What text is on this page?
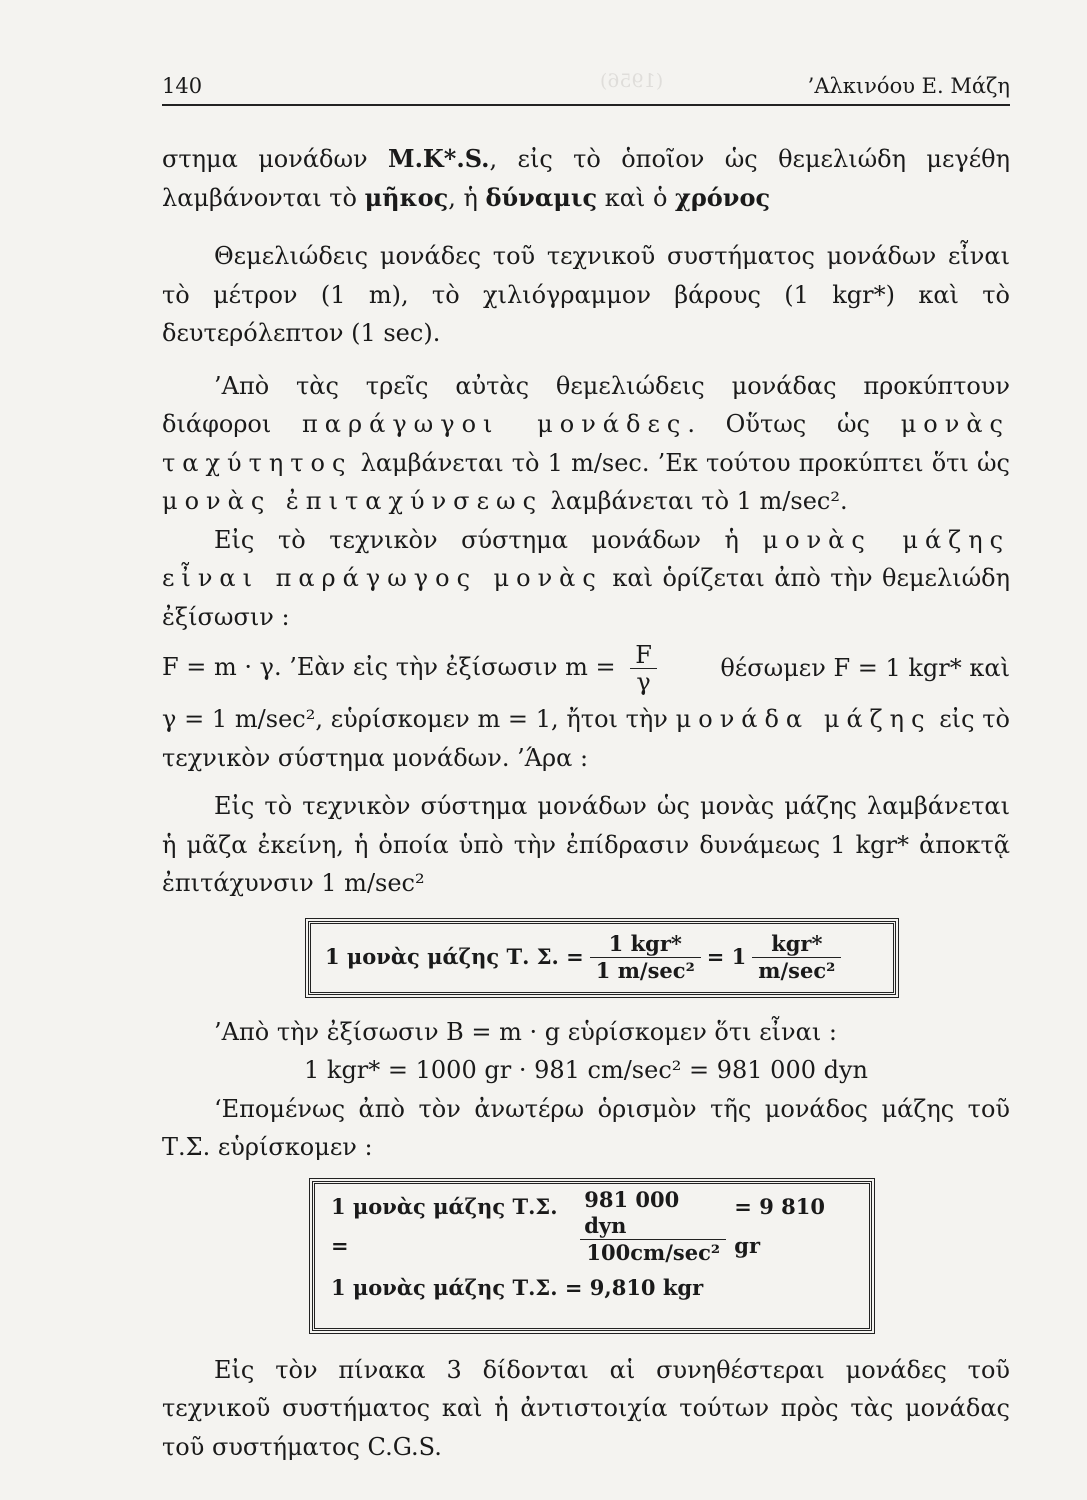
(1956)
140	’Αλκινόου Ε. Μάζη

στημα μονάδων M.K*.S., εἰς τὸ ὁποῖον ὡς θεμελιώδη μεγέθη λαμβάνονται τὸ μῆκος, ἡ δύναμις καὶ ὁ χρόνος

Θεμελιώδεις μονάδες τοῦ τεχνικοῦ συστήματος μονάδων εἶναι τὸ μέτρον (1 m), τὸ χιλιόγραμμον βάρους (1 kgr*) καὶ τὸ δευτερόλεπτον (1 sec).

’Απὸ τὰς τρεῖς αὐτὰς θεμελιώδεις μονάδας προκύπτουν διάφοροι παράγωγοι μονάδες. Οὕτως ὡς μονὰς ταχύτητος λαμβάνεται τὸ 1 m/sec. ’Εκ τούτου προκύπτει ὅτι ὡς μονὰς ἐπιταχύνσεως λαμβάνεται τὸ 1 m/sec².

Εἰς τὸ τεχνικὸν σύστημα μονάδων ἡ μονὰς μάζης εἶναι παράγωγος μονὰς καὶ ὁρίζεται ἀπὸ τὴν θεμελιώδη ἐξίσωσιν :

F = m · γ. ’Εὰν εἰς τὴν ἐξίσωσιν $m = \frac{F}{\gamma}$	θέσωμεν F = 1 kgr* καὶ

γ = 1 m/sec², εὑρίσκομεν m = 1, ἤτοι τὴν μονάδα μάζης εἰς τὸ τεχνικὸν σύστημα μονάδων. ’Άρα :

Εἰς τὸ τεχνικὸν σύστημα μονάδων ὡς μονὰς μάζης λαμβάνεται ἡ μᾶζα ἐκείνη, ἡ ὁποία ὑπὸ τὴν ἐπίδρασιν δυνάμεως 1 kgr* ἀποκτᾷ ἐπιτάχυνσιν 1 m/sec²

1 μονὰς μάζης Τ. Σ. = $\frac{\text{1 kgr*}}{\text{1 m/sec²}} = 1 \frac{\text{kgr*}}{\text{m/sec²}}$

’Απὸ τὴν ἐξίσωσιν B = m · g εὑρίσκομεν ὅτι εἶναι :

1 kgr* = 1000 gr · 981 cm/sec² = 981 000 dyn

‘Επομένως ἀπὸ τὸν ἀνωτέρω ὁρισμὸν τῆς μονάδος μάζης τοῦ Τ.Σ. εὑρίσκομεν :

1 μονὰς μάζης Τ.Σ. =	$\frac{\text{981 000 dyn}}{\text{100cm/sec²}} = 9$ 810 gr
1 μονὰς μάζης Τ.Σ. = 9,810 kgr

Εἰς τὸν πίνακα 3 δίδονται αἱ συνηθέστεραι μονάδες τοῦ τεχνικοῦ συστήματος καὶ ἡ ἀντιστοιχία τούτων πρὸς τὰς μονάδας τοῦ συστήματος C.G.S.
